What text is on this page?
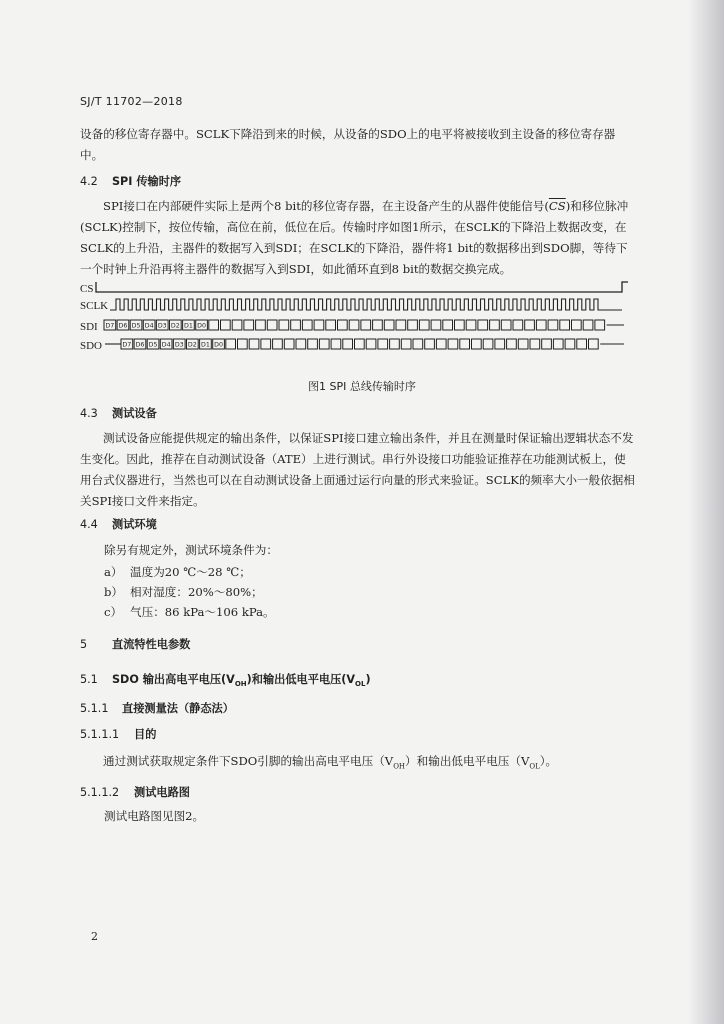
SJ/T 11702—2018
设备的移位寄存器中。SCLK下降沿到来的时候，从设备的SDO上的电平将被接收到主设备的移位寄存器中。
4.2 SPI 传输时序
SPI接口在内部硬件实际上是两个8 bit的移位寄存器，在主设备产生的从器件使能信号$(\overline{CS})$和移位脉冲(SCLK)控制下，按位传输，高位在前，低位在后。传输时序如图1所示，在SCLK的下降沿上数据改变，在SCLK的上升沿，主器件的数据写入到SDI；在SCLK的下降沿，器件将1 bit的数据移出到SDO脚，等待下一个时钟上升沿再将主器件的数据写入到SDI，如此循环直到8 bit的数据交换完成。
CS
SCLK
SDI
SDO
D7 D6 D5 D4 D3 D2 D1 D0
D7 D6 D5 D4 D3 D2 D1 D0
图1 SPI 总线传输时序
4.3 测试设备
测试设备应能提供规定的输出条件，以保证SPI接口建立输出条件，并且在测量时保证输出逻辑状态不发生变化。因此，推荐在自动测试设备（ATE）上进行测试。串行外设接口功能验证推荐在功能测试板上，使用台式仪器进行，当然也可以在自动测试设备上面通过运行向量的形式来验证。SCLK的频率大小一般依据相关SPI接口文件来指定。
4.4 测试环境
除另有规定外，测试环境条件为：
a） 温度为20 ℃～28 ℃；
b） 相对湿度：20%～80%；
c） 气压：86 kPa～106 kPa。
5 直流特性电参数
5.1 SDO 输出高电平电压$(V_{OH})$和输出低电平电压$(V_{OL})$
5.1.1 直接测量法（静态法）
5.1.1.1 目的
通过测试获取规定条件下SDO引脚的输出高电平电压$(V_{OH})$和输出低电平电压$(V_{OL})$。
5.1.1.2 测试电路图
测试电路图见图2。
2
